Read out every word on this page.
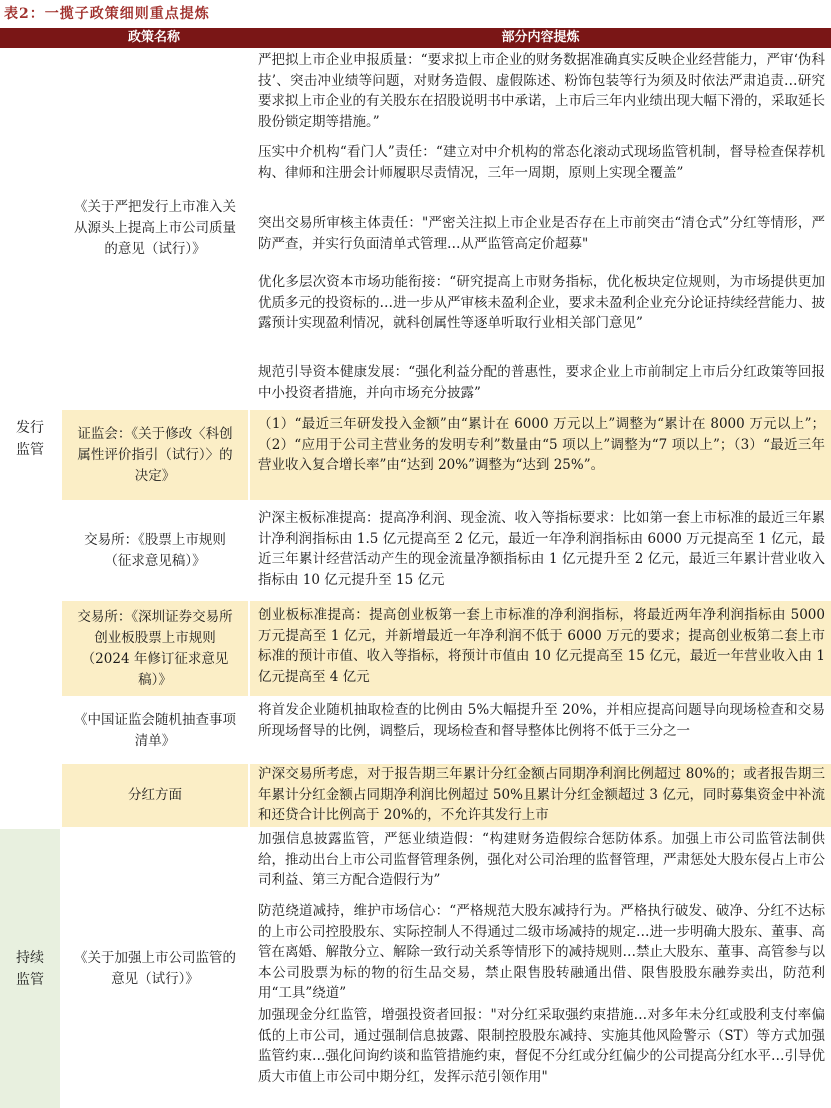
表2：一揽子政策细则重点提炼
政策名称	部分内容提炼
发行监管
持续监管
《关于严把发行上市准入关从源头上提高上市公司质量的意见（试行）》
严把拟上市企业申报质量：“要求拟上市企业的财务数据准确真实反映企业经营能力，严审‘伪科技’、突击冲业绩等问题，对财务造假、虚假陈述、粉饰包装等行为须及时依法严肃追责…研究要求拟上市企业的有关股东在招股说明书中承诺，上市后三年内业绩出现大幅下滑的，采取延长股份锁定期等措施。”
压实中介机构“看门人”责任：“建立对中介机构的常态化滚动式现场监管机制，督导检查保荐机构、律师和注册会计师履职尽责情况，三年一周期，原则上实现全覆盖”
突出交易所审核主体责任："严密关注拟上市企业是否存在上市前突击“清仓式”分红等情形，严防严查，并实行负面清单式管理…从严监管高定价超募"
优化多层次资本市场功能衔接：“研究提高上市财务指标，优化板块定位规则，为市场提供更加优质多元的投资标的…进一步从严审核未盈利企业，要求未盈利企业充分论证持续经营能力、披露预计实现盈利情况，就科创属性等逐单听取行业相关部门意见”
规范引导资本健康发展：“强化利益分配的普惠性，要求企业上市前制定上市后分红政策等回报中小投资者措施，并向市场充分披露”
证监会：《关于修改〈科创属性评价指引（试行）〉的决定》
（1）“最近三年研发投入金额”由“累计在 6000 万元以上”调整为“累计在 8000 万元以上”；（2）“应用于公司主营业务的发明专利”数量由“5 项以上”调整为“7 项以上”；（3）“最近三年营业收入复合增长率”由“达到 20%”调整为“达到 25%”。
交易所：《股票上市规则（征求意见稿）》
沪深主板标准提高：提高净利润、现金流、收入等指标要求：比如第一套上市标准的最近三年累计净利润指标由 1.5 亿元提高至 2 亿元，最近一年净利润指标由 6000 万元提高至 1 亿元，最近三年累计经营活动产生的现金流量净额指标由 1 亿元提升至 2 亿元，最近三年累计营业收入指标由 10 亿元提升至 15 亿元
交易所：《深圳证券交易所创业板股票上市规则（2024 年修订征求意见稿）》
创业板标准提高：提高创业板第一套上市标准的净利润指标，将最近两年净利润指标由 5000 万元提高至 1 亿元，并新增最近一年净利润不低于 6000 万元的要求；提高创业板第二套上市标准的预计市值、收入等指标，将预计市值由 10 亿元提高至 15 亿元，最近一年营业收入由 1 亿元提高至 4 亿元
《中国证监会随机抽查事项清单》
将首发企业随机抽取检查的比例由 5%大幅提升至 20%，并相应提高问题导向现场检查和交易所现场督导的比例，调整后，现场检查和督导整体比例将不低于三分之一
分红方面
沪深交易所考虑，对于报告期三年累计分红金额占同期净利润比例超过 80%的；或者报告期三年累计分红金额占同期净利润比例超过 50%且累计分红金额超过 3 亿元，同时募集资金中补流和还贷合计比例高于 20%的，不允许其发行上市
《关于加强上市公司监管的意见（试行）》
加强信息披露监管，严惩业绩造假：“构建财务造假综合惩防体系。加强上市公司监管法制供给，推动出台上市公司监督管理条例，强化对公司治理的监督管理，严肃惩处大股东侵占上市公司利益、第三方配合造假行为”
防范绕道减持，维护市场信心：“严格规范大股东减持行为。严格执行破发、破净、分红不达标的上市公司控股股东、实际控制人不得通过二级市场减持的规定…进一步明确大股东、董事、高管在离婚、解散分立、解除一致行动关系等情形下的减持规则…禁止大股东、董事、高管参与以本公司股票为标的物的衍生品交易，禁止限售股转融通出借、限售股股东融券卖出，防范利用“工具”绕道”
加强现金分红监管，增强投资者回报："对分红采取强约束措施…对多年未分红或股利支付率偏低的上市公司，通过强制信息披露、限制控股股东减持、实施其他风险警示（ST）等方式加强监管约束…强化问询约谈和监管措施约束，督促不分红或分红偏少的公司提高分红水平…引导优质大市值上市公司中期分红，发挥示范引领作用"
